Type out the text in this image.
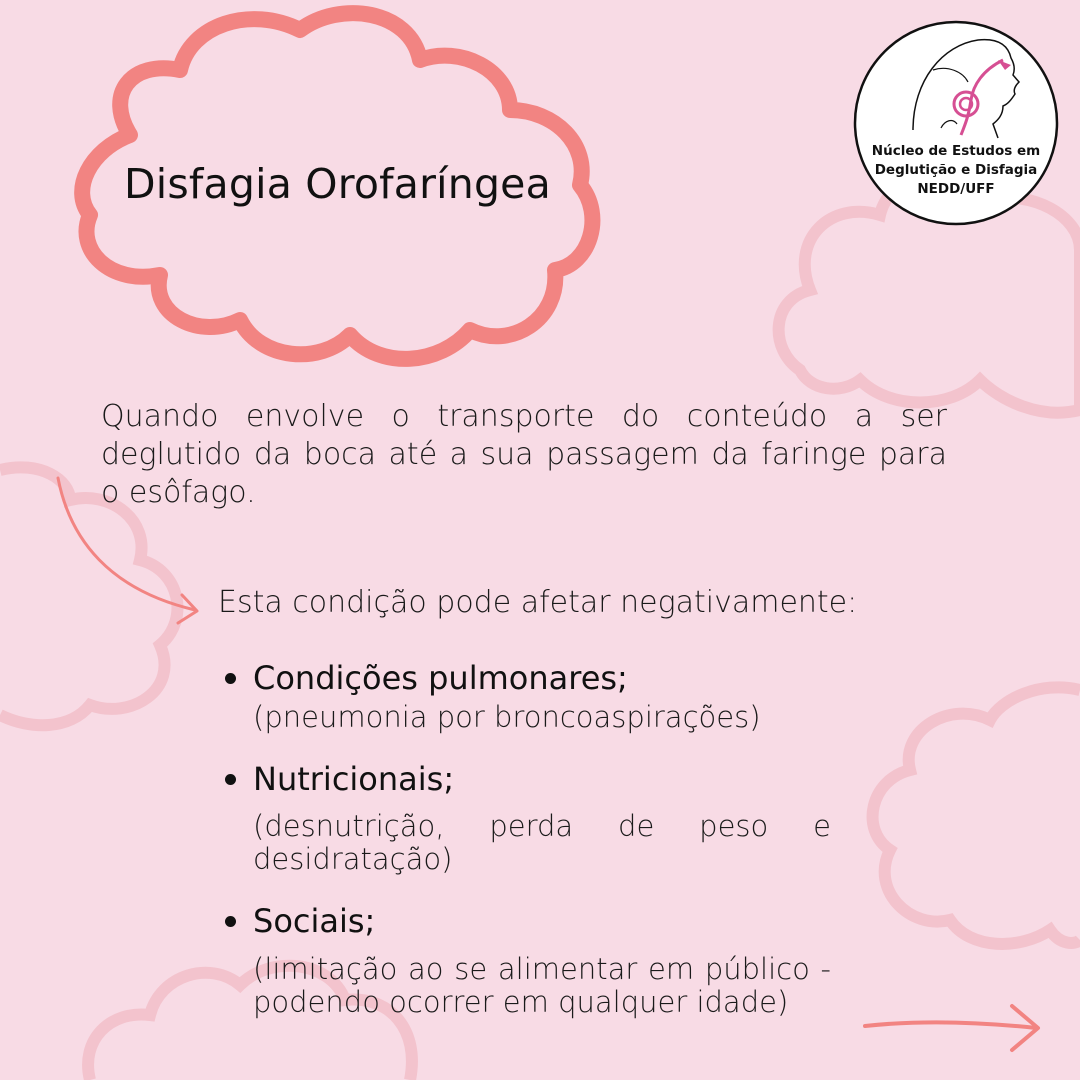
Disfagia Orofaríngea
Núcleo de Estudos em
Deglutição e Disfagia
NEDD/UFF
Quando envolve o transporte do conteúdo a ser deglutido da boca até a sua passagem da faringe para o esôfago.
Esta condição pode afetar negativamente:
Condições pulmonares;
(pneumonia por broncoaspirações)
Nutricionais;
(desnutrição, perda de peso e desidratação)
Sociais;
(limitação ao se alimentar em público - podendo ocorrer em qualquer idade)
